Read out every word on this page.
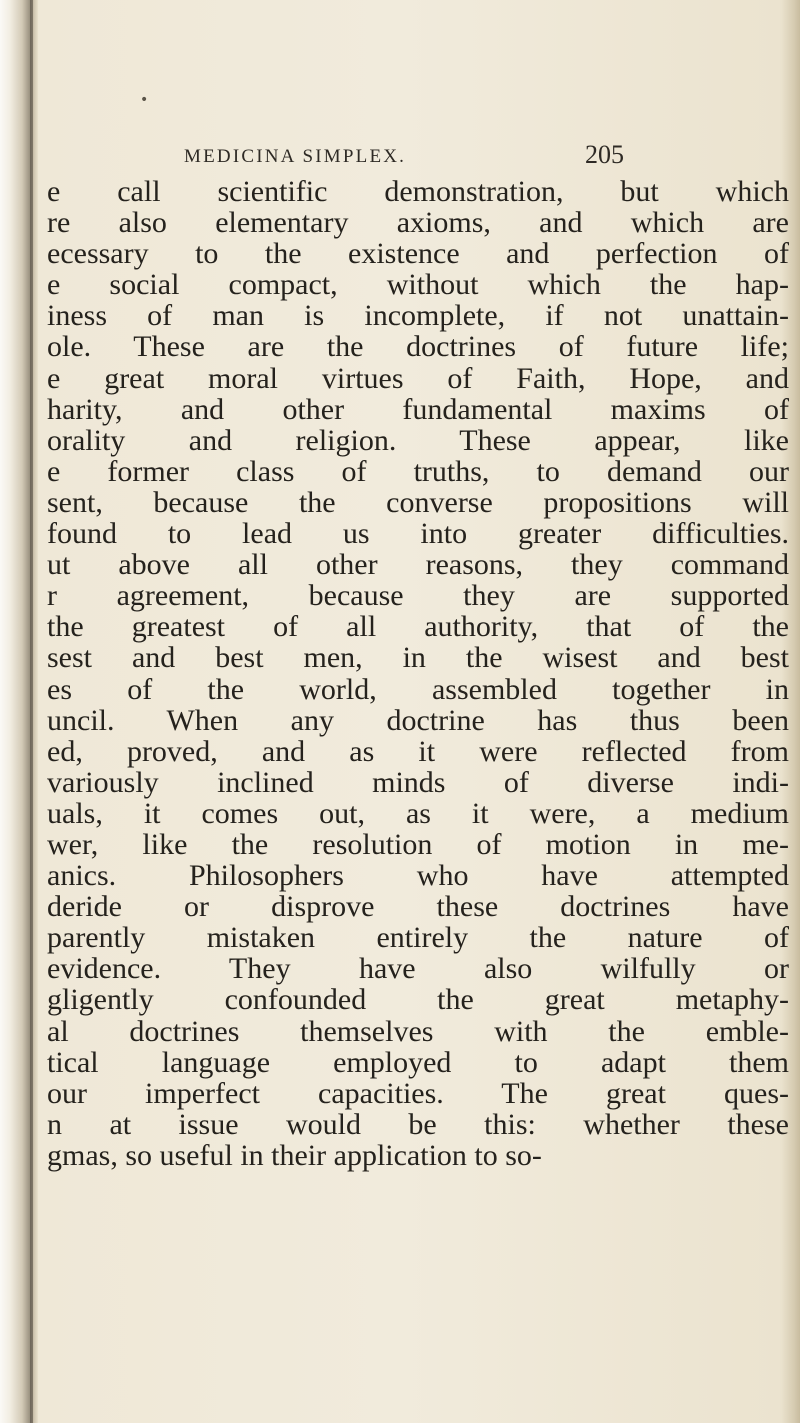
•
MEDICINA SIMPLEX.	205
e call scientific demonstration, but which
re also elementary axioms, and which are
ecessary to the existence and perfection of
e social compact, without which the hap-
iness of man is incomplete, if not unattain-
ole. These are the doctrines of future life;
e great moral virtues of Faith, Hope, and
harity, and other fundamental maxims of
orality and religion. These appear, like
e former class of truths, to demand our
sent, because the converse propositions will
found to lead us into greater difficulties.
ut above all other reasons, they command
r agreement, because they are supported
the greatest of all authority, that of the
sest and best men, in the wisest and best
es of the world, assembled together in
uncil. When any doctrine has thus been
ed, proved, and as it were reflected from
variously inclined minds of diverse indi-
uals, it comes out, as it were, a medium
wer, like the resolution of motion in me-
anics. Philosophers who have attempted
deride or disprove these doctrines have
parently mistaken entirely the nature of
evidence. They have also wilfully or
gligently confounded the great metaphy-
al doctrines themselves with the emble-
tical language employed to adapt them
our imperfect capacities. The great ques-
n at issue would be this: whether these
gmas, so useful in their application to so-
